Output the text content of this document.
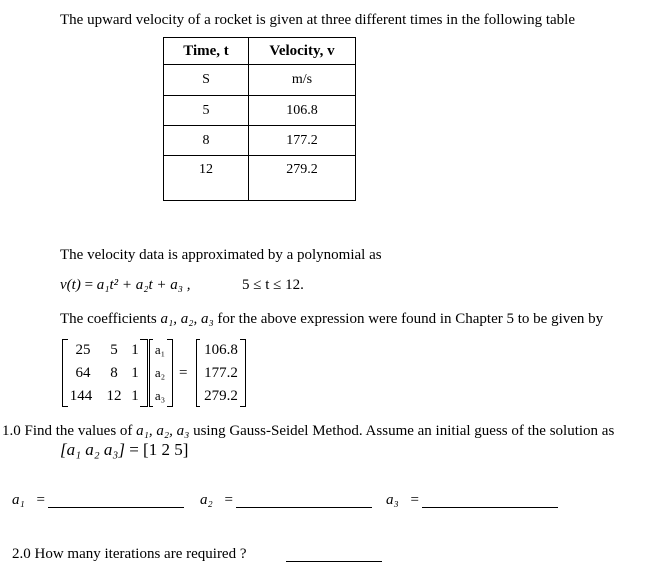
The upward velocity of a rocket is given at three different times in the following table
Time, t	Velocity, v
S	m/s
5	106.8
8	177.2
12	279.2
The velocity data is approximated by a polynomial as
v(t) = a₁t² + a₂t + a₃ ,	5 ≤ t ≤ 12.
The coefficients a₁, a₂, a₃ for the above expression were found in Chapter 5 to be given by
25	5 1
64	8 1
144 12 1
a₁
a₂
a₃
=
106.8
177.2
279.2
1.0 Find the values of a₁, a₂, a₃ using Gauss-Seidel Method. Assume an initial guess of the solution as
[a₁ a₂ a₃] = [1 2 5]
a₁ =	a₂ =	a₃ =
2.0 How many iterations are required ?
